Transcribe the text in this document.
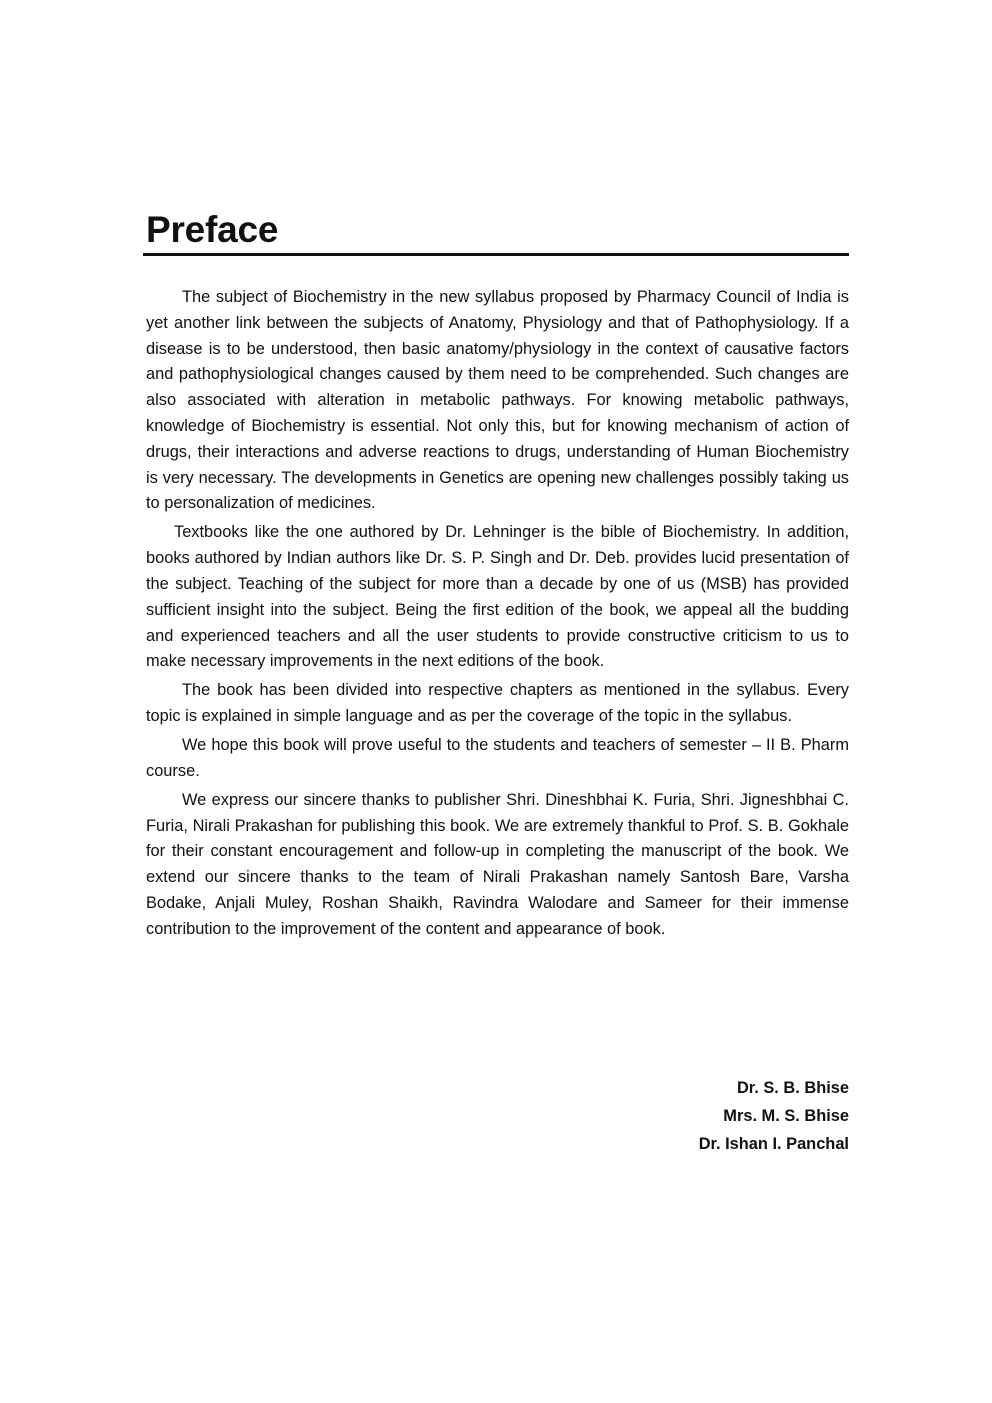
Preface

The subject of Biochemistry in the new syllabus proposed by Pharmacy Council of India is yet another link between the subjects of Anatomy, Physiology and that of Pathophysiology. If a disease is to be understood, then basic anatomy/physiology in the context of causative factors and pathophysiological changes caused by them need to be comprehended. Such changes are also associated with alteration in metabolic pathways. For knowing metabolic pathways, knowledge of Biochemistry is essential. Not only this, but for knowing mechanism of action of drugs, their interactions and adverse reactions to drugs, understanding of Human Biochemistry is very necessary. The developments in Genetics are opening new challenges possibly taking us to personalization of medicines.

Textbooks like the one authored by Dr. Lehninger is the bible of Biochemistry. In addition, books authored by Indian authors like Dr. S. P. Singh and Dr. Deb. provides lucid presentation of the subject. Teaching of the subject for more than a decade by one of us (MSB) has provided sufficient insight into the subject. Being the first edition of the book, we appeal all the budding and experienced teachers and all the user students to provide constructive criticism to us to make necessary improvements in the next editions of the book.

The book has been divided into respective chapters as mentioned in the syllabus. Every topic is explained in simple language and as per the coverage of the topic in the syllabus.

We hope this book will prove useful to the students and teachers of semester – II B. Pharm course.

We express our sincere thanks to publisher Shri. Dineshbhai K. Furia, Shri. Jigneshbhai C. Furia, Nirali Prakashan for publishing this book. We are extremely thankful to Prof. S. B. Gokhale for their constant encouragement and follow-up in completing the manuscript of the book. We extend our sincere thanks to the team of Nirali Prakashan namely Santosh Bare, Varsha Bodake, Anjali Muley, Roshan Shaikh, Ravindra Walodare and Sameer for their immense contribution to the improvement of the content and appearance of book.

Dr. S. B. Bhise
Mrs. M. S. Bhise
Dr. Ishan I. Panchal
